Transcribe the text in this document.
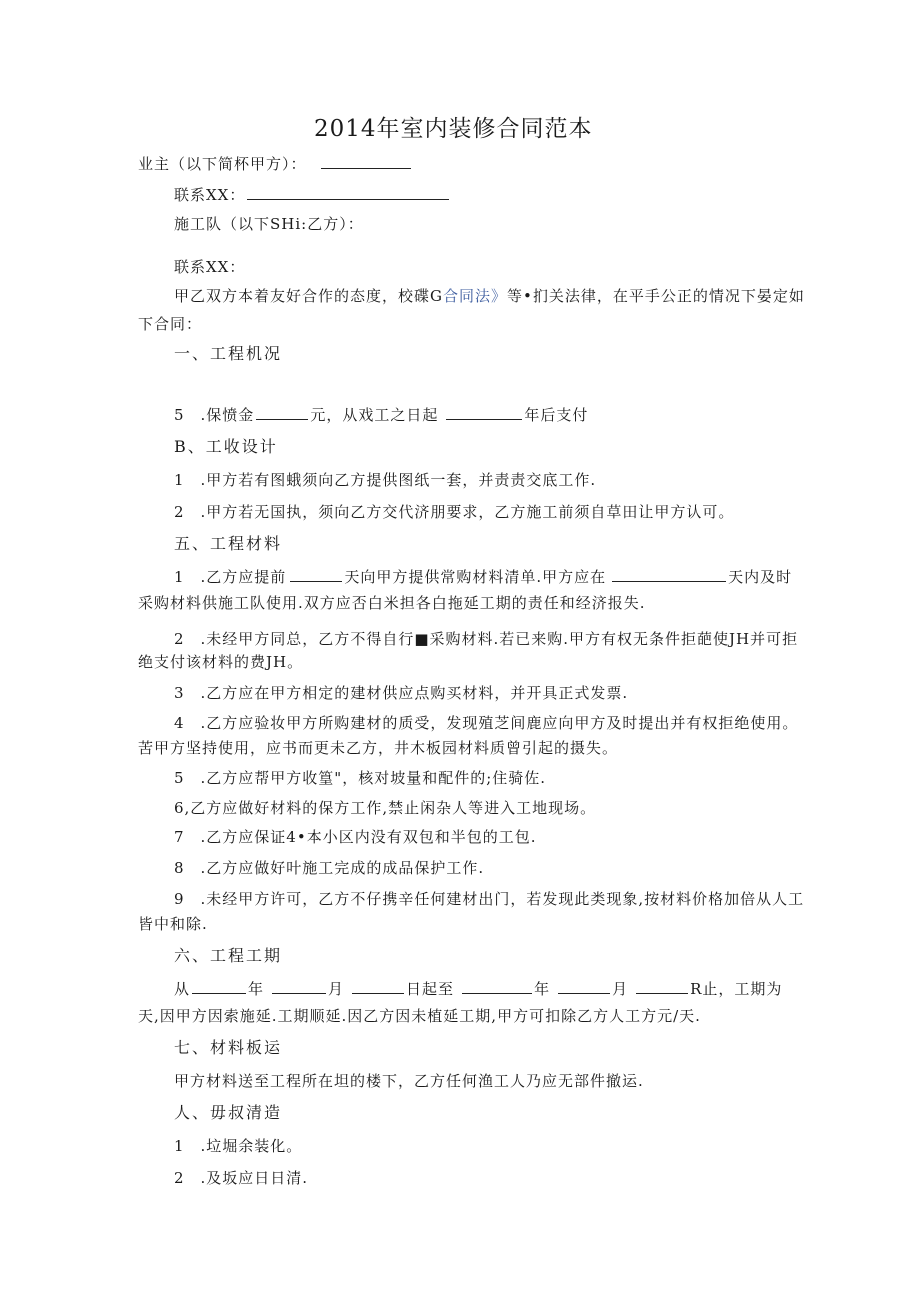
2014年室内装修合同范本
业主（以下简杯甲方）：
联系XX：
施工队（以下SHi:乙方）：
联系XX：
甲乙双方本着友好合作的态度，校碟G合同法》等•扪关法律，在平手公正的情况下晏定如
下合同：
一、工程机况
5　.保愤金	元，从戏工之日起	年后支付
B、工收设计
1　.甲方若有图蛾须向乙方提供图纸一套，并责责交底工作.
2　.甲方若无国执，须向乙方交代济朋要求，乙方施工前须自草田让甲方认可。
五、工程材料
1　.乙方应提前	天向甲方提供常购材料清单.甲方应在	天内及时
采购材料供施工队使用.双方应否白米担各白拖延工期的责任和经济报失.
2　.未经甲方同总，乙方不得自行■采购材料.若已来购.甲方有权无条件拒葩使JH并可拒
绝支付该材料的费JH。
3　.乙方应在甲方相定的建材供应点购买材料，并开具正式发票.
4　.乙方应验妆甲方所购建材的质受，发现殖芝间鹿应向甲方及时提出并有权拒绝使用。
苦甲方坚持使用，应书而更未乙方，井木板园材料质曾引起的摄失。
5　.乙方应帮甲方收篁"，核对坡量和配件的;住骑佐.
6,乙方应做好材料的保方工作,禁止闲杂人等进入工地现场。
7　.乙方应保证4•本小区内没有双包和半包的工包.
8　.乙方应做好叶施工完成的成品保护工作.
9　.未经甲方许可，乙方不仔携辛任何建材出门，若发现此类现象,按材料价格加倍从人工
皆中和除.
六、工程工期
从	年	月	日起至	年	月	R止，工期为
天,因甲方因索施延.工期顺延.因乙方因未植延工期,甲方可扣除乙方人工方元/天.
七、材料板运
甲方材料送至工程所在坦的楼下，乙方任何渔工人乃应无部件撤运.
人、毋叔清造
1　.垃堀余装化。
2　.及坂应日日清.
